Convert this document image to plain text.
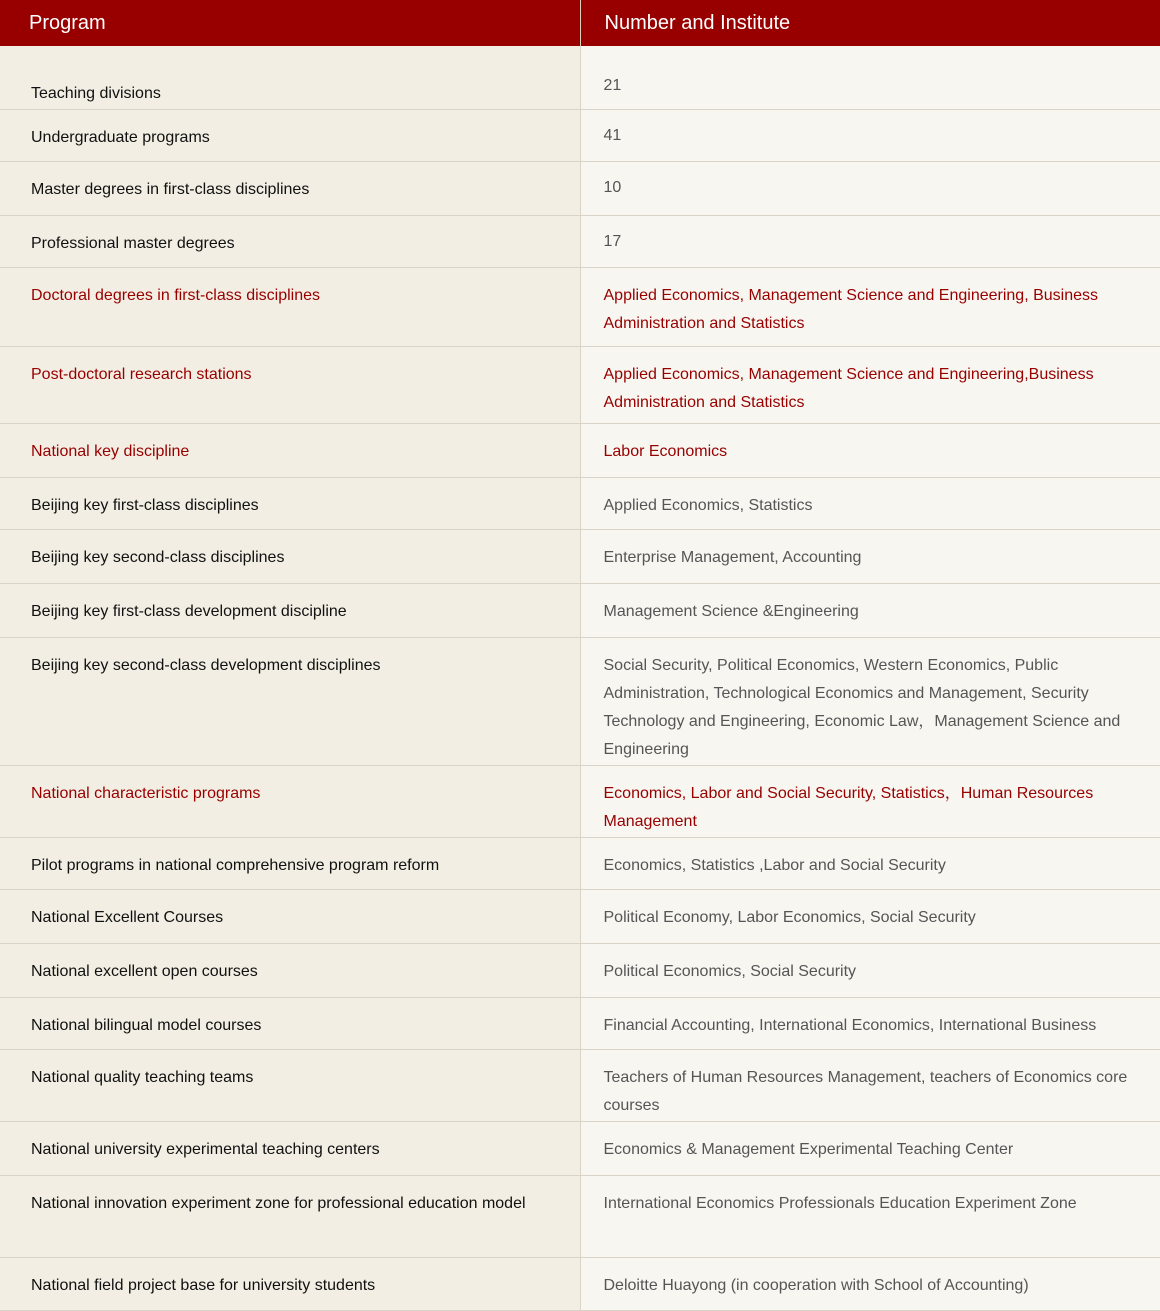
Program	Number and Institute
Teaching divisions	21
Undergraduate programs	41
Master degrees in first-class disciplines	10
Professional master degrees	17
Doctoral degrees in first-class disciplines	Applied Economics, Management Science and Engineering, Business Administration and Statistics
Post-doctoral research stations	Applied Economics, Management Science and Engineering,Business Administration and Statistics
National key discipline	Labor Economics
Beijing key first-class disciplines	Applied Economics, Statistics
Beijing key second-class disciplines	Enterprise Management, Accounting
Beijing key first-class development discipline	Management Science &Engineering
Beijing key second-class development disciplines	Social Security, Political Economics, Western Economics, Public Administration, Technological Economics and Management, Security Technology and Engineering, Economic Law，Management Science and Engineering
National characteristic programs	Economics, Labor and Social Security, Statistics，Human Resources Management
Pilot programs in national comprehensive program reform	Economics, Statistics ,Labor and Social Security
National Excellent Courses	Political Economy, Labor Economics, Social Security
National excellent open courses	Political Economics, Social Security
National bilingual model courses	Financial Accounting, International Economics, International Business
National quality teaching teams	Teachers of Human Resources Management, teachers of Economics core courses
National university experimental teaching centers	Economics & Management Experimental Teaching Center
National innovation experiment zone for professional education model	International Economics Professionals Education Experiment Zone
National field project base for university students	Deloitte Huayong (in cooperation with School of Accounting)
